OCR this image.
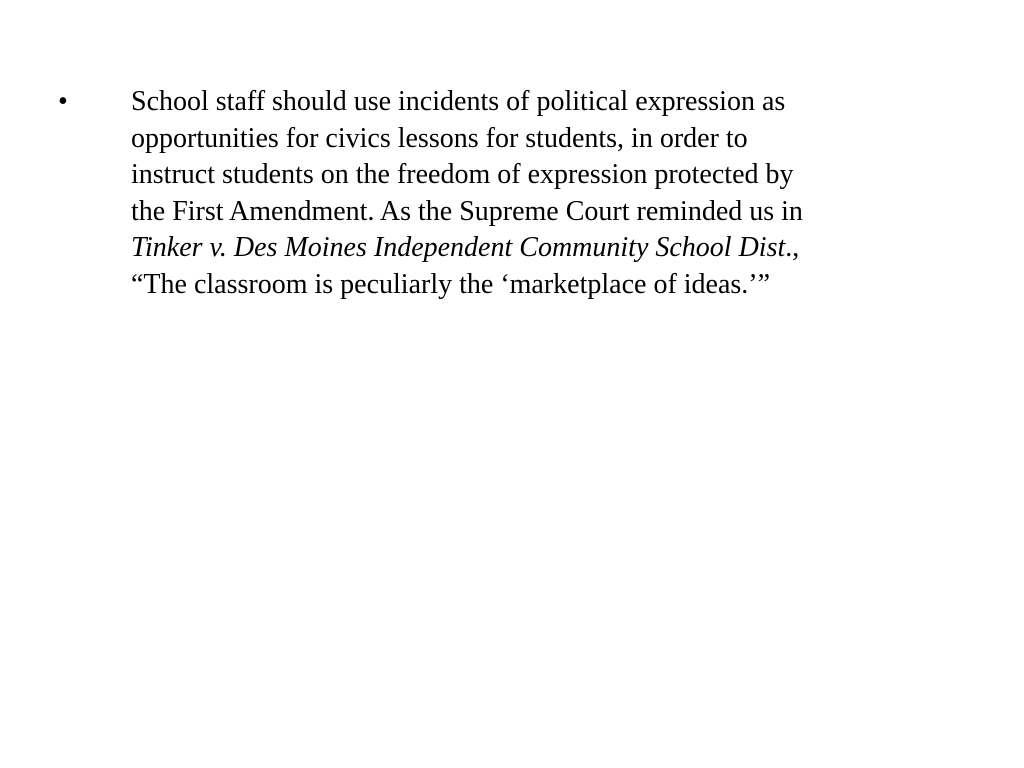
•	School staff should use incidents of political expression as
opportunities for civics lessons for students, in order to
instruct students on the freedom of expression protected by
the First Amendment. As the Supreme Court reminded us in
Tinker v. Des Moines Independent Community School Dist.,
“The classroom is peculiarly the ‘marketplace of ideas.’”
